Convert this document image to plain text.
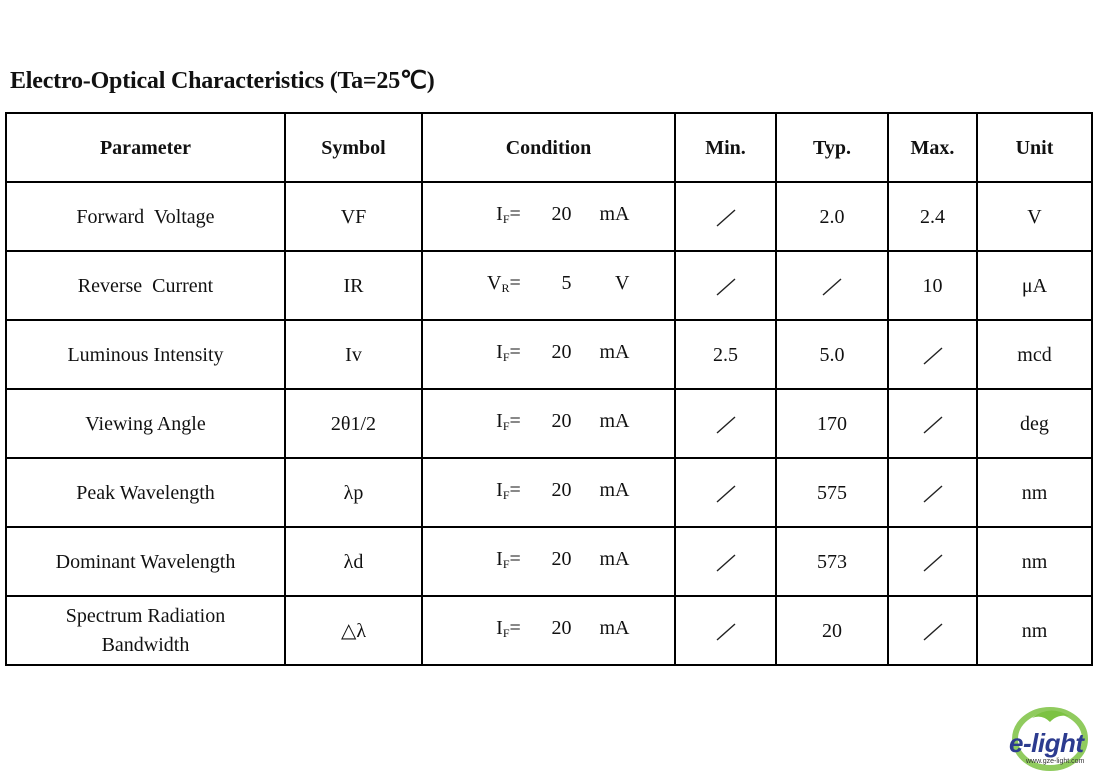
Electro-Optical Characteristics (Ta=25℃)
Parameter	Symbol	Condition	Min.	Typ.	Max.	Unit
Forward  Voltage	VF	$I_F = 20$ mA		2.0	2.4	V
Reverse  Current	IR	$V_R = 5$ V			10	μA
Luminous Intensity	Iv	$I_F = 20$ mA	2.5	5.0		mcd
Viewing Angle	2θ1/2	$I_F = 20$ mA		170		deg
Peak Wavelength	λp	$I_F = 20$ mA		575		nm
Dominant Wavelength	λd	$I_F = 20$ mA		573		nm
Spectrum Radiation
Bandwidth	△λ	$I_F = 20$ mA		20		nm
e-light
www.gze-light.com
